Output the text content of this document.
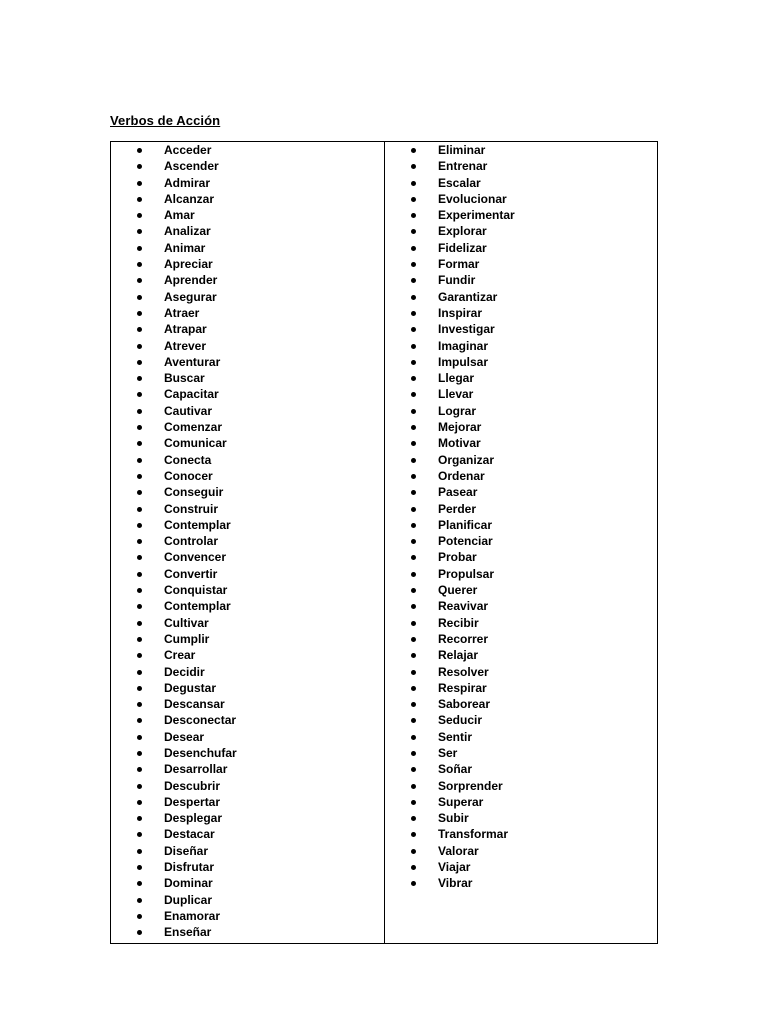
Verbos de Acción
Acceder
Ascender
Admirar
Alcanzar
Amar
Analizar
Animar
Apreciar
Aprender
Asegurar
Atraer
Atrapar
Atrever
Aventurar
Buscar
Capacitar
Cautivar
Comenzar
Comunicar
Conecta
Conocer
Conseguir
Construir
Contemplar
Controlar
Convencer
Convertir
Conquistar
Contemplar
Cultivar
Cumplir
Crear
Decidir
Degustar
Descansar
Desconectar
Desear
Desenchufar
Desarrollar
Descubrir
Despertar
Desplegar
Destacar
Diseñar
Disfrutar
Dominar
Duplicar
Enamorar
Enseñar
Eliminar
Entrenar
Escalar
Evolucionar
Experimentar
Explorar
Fidelizar
Formar
Fundir
Garantizar
Inspirar
Investigar
Imaginar
Impulsar
Llegar
Llevar
Lograr
Mejorar
Motivar
Organizar
Ordenar
Pasear
Perder
Planificar
Potenciar
Probar
Propulsar
Querer
Reavivar
Recibir
Recorrer
Relajar
Resolver
Respirar
Saborear
Seducir
Sentir
Ser
Soñar
Sorprender
Superar
Subir
Transformar
Valorar
Viajar
Vibrar
